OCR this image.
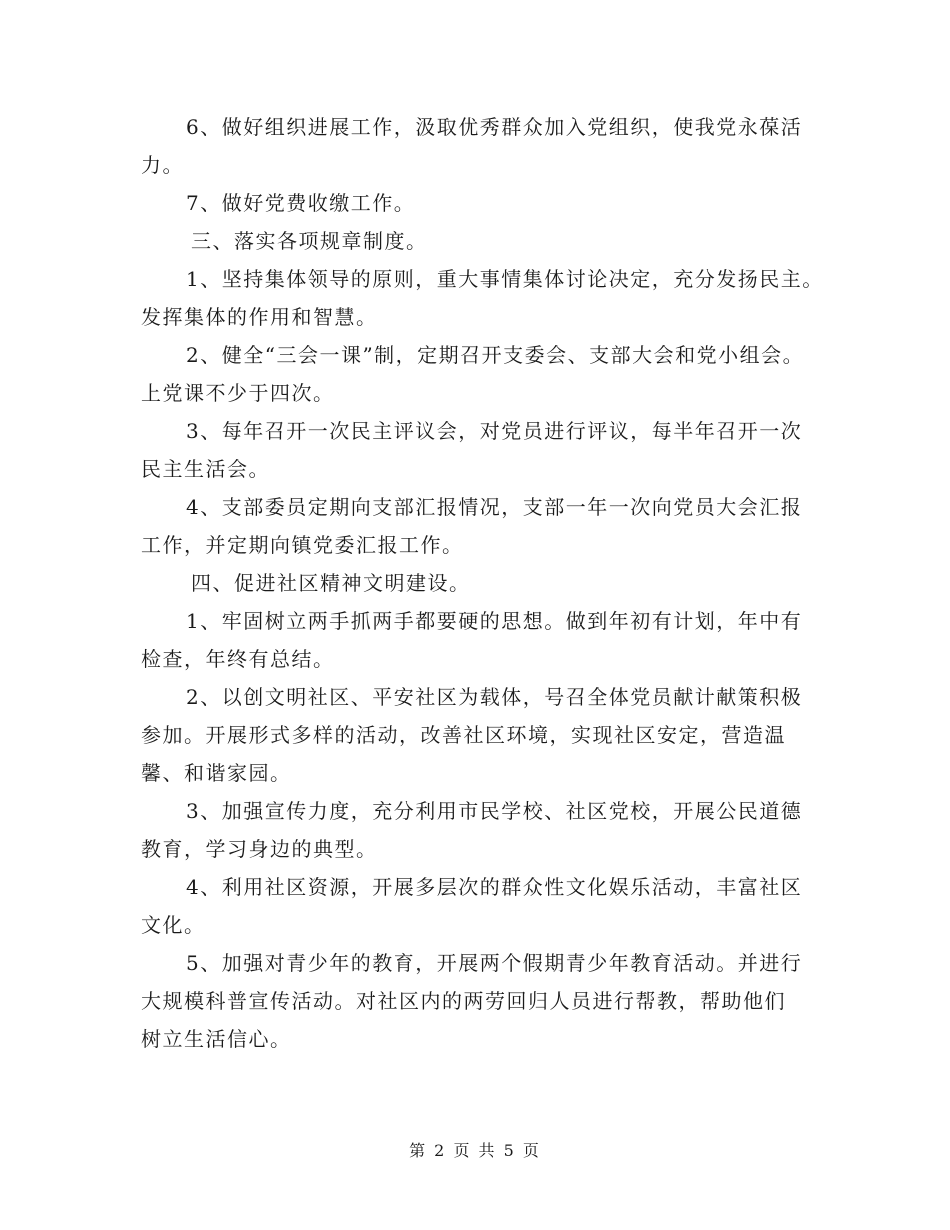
6、做好组织进展工作，汲取优秀群众加入党组织，使我党永葆活
力。
7、做好党费收缴工作。
三、落实各项规章制度。
1、坚持集体领导的原则，重大事情集体讨论决定，充分发扬民主。
发挥集体的作用和智慧。
2、健全“三会一课”制，定期召开支委会、支部大会和党小组会。
上党课不少于四次。
3、每年召开一次民主评议会，对党员进行评议，每半年召开一次
民主生活会。
4、支部委员定期向支部汇报情况，支部一年一次向党员大会汇报
工作，并定期向镇党委汇报工作。
四、促进社区精神文明建设。
1、牢固树立两手抓两手都要硬的思想。做到年初有计划，年中有
检查，年终有总结。
2、以创文明社区、平安社区为载体，号召全体党员献计献策积极
参加。开展形式多样的活动，改善社区环境，实现社区安定，营造温
馨、和谐家园。
3、加强宣传力度，充分利用市民学校、社区党校，开展公民道德
教育，学习身边的典型。
4、利用社区资源，开展多层次的群众性文化娱乐活动，丰富社区
文化。
5、加强对青少年的教育，开展两个假期青少年教育活动。并进行
大规模科普宣传活动。对社区内的两劳回归人员进行帮教，帮助他们
树立生活信心。
第 2 页 共 5 页
